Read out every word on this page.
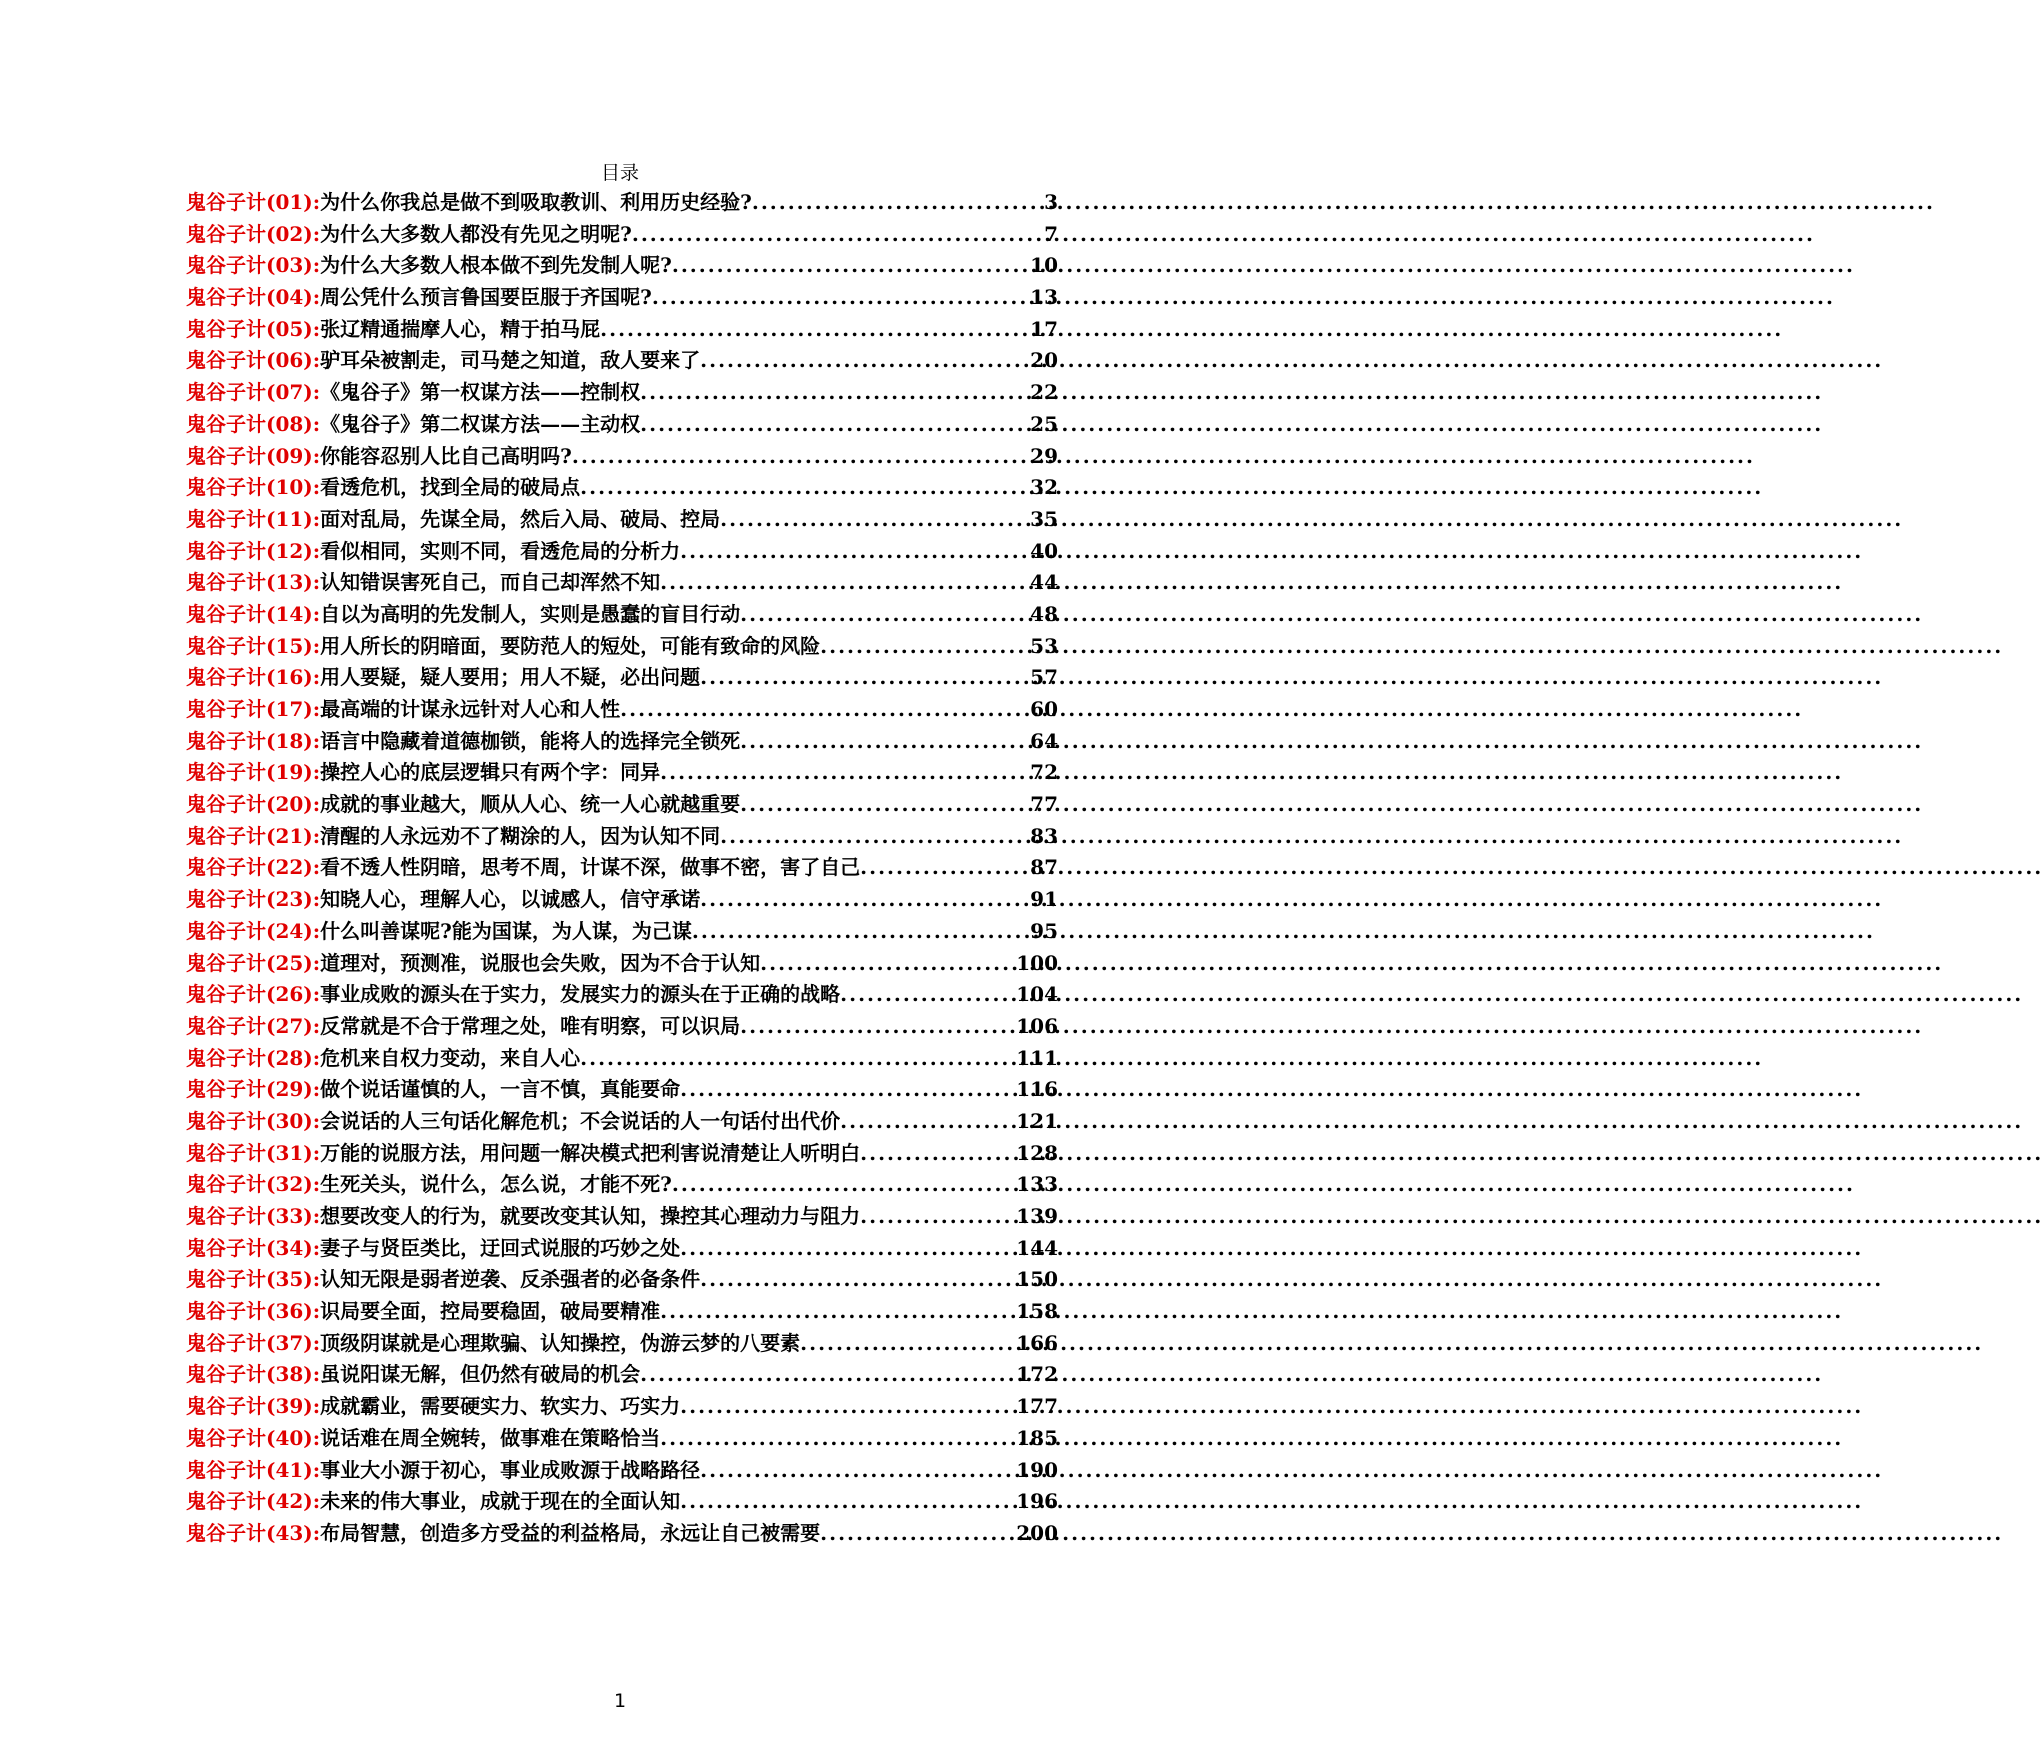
目录
鬼谷子计(01): 为什么你我总是做不到吸取教训、利用历史经验? .....	3
鬼谷子计(02): 为什么大多数人都没有先见之明呢? .....	7
鬼谷子计(03): 为什么大多数人根本做不到先发制人呢? .....	10
鬼谷子计(04): 周公凭什么预言鲁国要臣服于齐国呢? .....	13
鬼谷子计(05): 张辽精通揣摩人心，精于拍马屁 .....	17
鬼谷子计(06): 驴耳朵被割走，司马楚之知道，敌人要来了 .....	20
鬼谷子计(07): 《鬼谷子》第一权谋方法——控制权 .....	22
鬼谷子计(08): 《鬼谷子》第二权谋方法——主动权 .....	25
鬼谷子计(09): 你能容忍别人比自己高明吗? .....	29
鬼谷子计(10): 看透危机，找到全局的破局点 .....	32
鬼谷子计(11): 面对乱局，先谋全局，然后入局、破局、控局 .....	35
鬼谷子计(12): 看似相同，实则不同，看透危局的分析力 .....	40
鬼谷子计(13): 认知错误害死自己，而自己却浑然不知 .....	44
鬼谷子计(14): 自以为高明的先发制人，实则是愚蠢的盲目行动 .....	48
鬼谷子计(15): 用人所长的阴暗面，要防范人的短处，可能有致命的风险 .....	53
鬼谷子计(16): 用人要疑，疑人要用；用人不疑，必出问题 .....	57
鬼谷子计(17): 最高端的计谋永远针对人心和人性 .....	60
鬼谷子计(18): 语言中隐藏着道德枷锁，能将人的选择完全锁死 .....	64
鬼谷子计(19): 操控人心的底层逻辑只有两个字：同异 .....	72
鬼谷子计(20): 成就的事业越大，顺从人心、统一人心就越重要 .....	77
鬼谷子计(21): 清醒的人永远劝不了糊涂的人，因为认知不同 .....	83
鬼谷子计(22): 看不透人性阴暗，思考不周，计谋不深，做事不密，害了自己 .....	87
鬼谷子计(23): 知晓人心，理解人心，以诚感人，信守承诺 .....	91
鬼谷子计(24): 什么叫善谋呢?能为国谋，为人谋，为己谋 .....	95
鬼谷子计(25): 道理对，预测准，说服也会失败，因为不合于认知 .....	100
鬼谷子计(26): 事业成败的源头在于实力，发展实力的源头在于正确的战略 .....	104
鬼谷子计(27): 反常就是不合于常理之处，唯有明察，可以识局 .....	106
鬼谷子计(28): 危机来自权力变动，来自人心 .....	111
鬼谷子计(29): 做个说话谨慎的人，一言不慎，真能要命 .....	116
鬼谷子计(30): 会说话的人三句话化解危机；不会说话的人一句话付出代价 .....	121
鬼谷子计(31): 万能的说服方法，用问题一解决模式把利害说清楚让人听明白 .....	128
鬼谷子计(32): 生死关头，说什么，怎么说，才能不死? .....	133
鬼谷子计(33): 想要改变人的行为，就要改变其认知，操控其心理动力与阻力 .....	139
鬼谷子计(34): 妻子与贤臣类比，迂回式说服的巧妙之处 .....	144
鬼谷子计(35): 认知无限是弱者逆袭、反杀强者的必备条件 .....	150
鬼谷子计(36): 识局要全面，控局要稳固，破局要精准 .....	158
鬼谷子计(37): 顶级阴谋就是心理欺骗、认知操控，伪游云梦的八要素 .....	166
鬼谷子计(38): 虽说阳谋无解，但仍然有破局的机会 .....	172
鬼谷子计(39): 成就霸业，需要硬实力、软实力、巧实力 .....	177
鬼谷子计(40): 说话难在周全婉转，做事难在策略恰当 .....	185
鬼谷子计(41): 事业大小源于初心，事业成败源于战略路径 .....	190
鬼谷子计(42): 未来的伟大事业，成就于现在的全面认知 .....	196
鬼谷子计(43): 布局智慧，创造多方受益的利益格局，永远让自己被需要 .....	200
1
